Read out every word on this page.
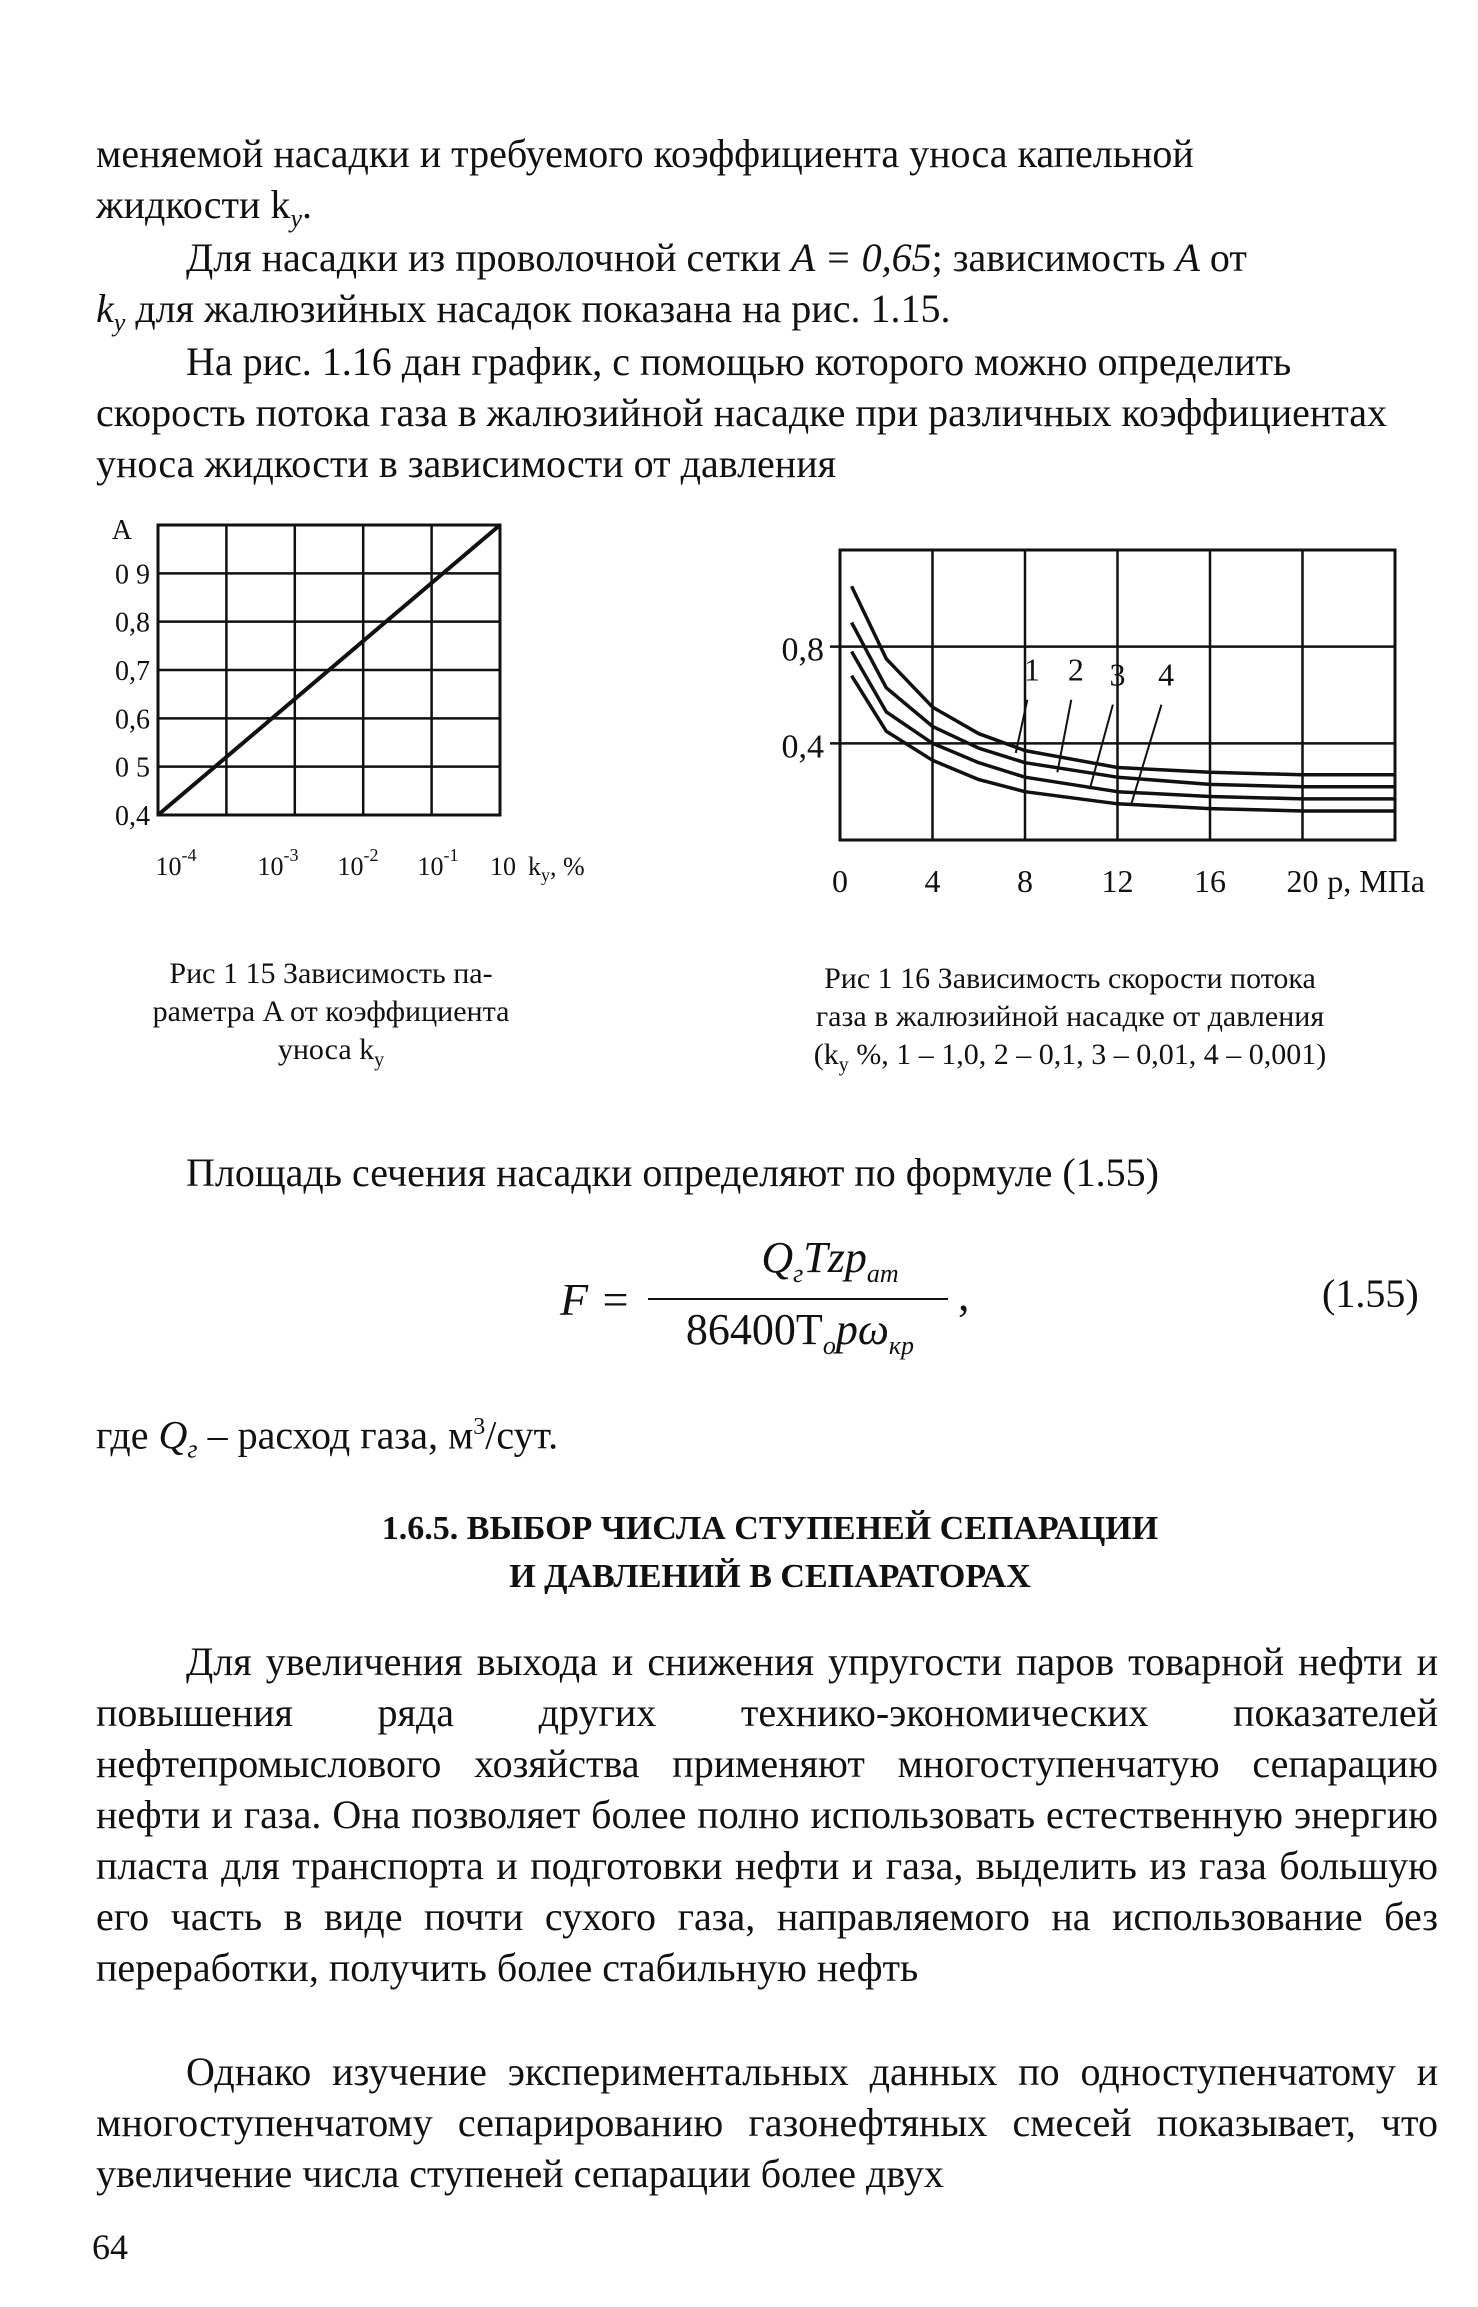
меняемой насадки и требуемого коэффициента уноса капельной
жидкости $k_y$.

Для насадки из проволочной сетки A = 0,65; зависимость A от
$k_y$ для жалюзийных насадок показана на рис. 1.15.

На рис. 1.16 дан график, с помощью которого можно определить скорость потока газа в жалюзийной насадке при различных коэффициентах уноса жидкости в зависимости от давления

0,4
0 5
0,6
0,7
0,8
0 9
A
$10^{-4}$ $10^{-3}$ $10^{-2}$ $10^{-1}$ 10 $k_y$, %
0,4
0,8
0 4 8 12 16 20 p, МПа
1 2 3 4
Рис 1 15 Зависимость па-
раметра A от коэффициента
уноса $k_y$
Рис 1 16 Зависимость скорости потока
газа в жалюзийной насадке от давления
($k_y$ %, 1 – 1,0, 2 – 0,1, 3 – 0,01, 4 – 0,001)

Площадь сечения насадки определяют по формуле (1.55)

F =
$Q_гTzp_{ат}$
$86400T_оp\omega_{кр}$
,	(1.55)

где $Q_г$ – расход газа, $м^3$/сут.

1.6.5. ВЫБОР ЧИСЛА СТУПЕНЕЙ СЕПАРАЦИИ
И ДАВЛЕНИЙ В СЕПАРАТОРАХ

Для увеличения выхода и снижения упругости паров товарной нефти и повышения ряда других технико-экономических показателей нефтепромыслового хозяйства применяют многоступенчатую сепарацию нефти и газа. Она позволяет более полно использовать естественную энергию пласта для транспорта и подготовки нефти и газа, выделить из газа большую его часть в виде почти сухого газа, направляемого на использование без переработки, получить более стабильную нефть

Однако изучение экспериментальных данных по одноступенчатому и многоступенчатому сепарированию газонефтяных смесей показывает, что увеличение числа ступеней сепарации более двух

64
